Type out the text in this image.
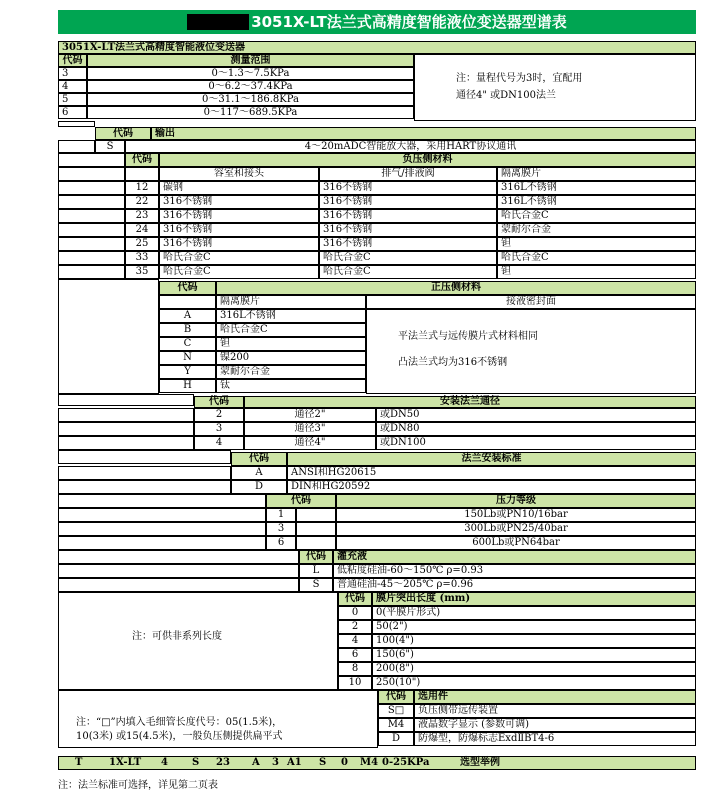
3051X-LT法兰式高精度智能液位变送器型谱表
3051X-LT法兰式高精度智能液位变送器
代码	测量范围
3	0～1.3～7.5KPa
4	0～6.2～37.4KPa
5	0～31.1～186.8KPa
6	0～117～689.5KPa
注：量程代号为3时，宜配用
通径4" 或DN100法兰
代码	输出
S	4～20mADC智能放大器，采用HART协议通讯
代码	负压侧材料
容室和接头	排气/排液阀	隔离膜片
12	碳钢	316不锈钢	316L不锈钢
22	316不锈钢	316不锈钢	316L不锈钢
23	316不锈钢	316不锈钢	哈氏合金C
24	316不锈钢	316不锈钢	蒙耐尔合金
25	316不锈钢	316不锈钢	钽
33	哈氏合金C	哈氏合金C	哈氏合金C
35	哈氏合金C	哈氏合金C	钽
代码	正压侧材料
隔离膜片	接液密封面
A	316L不锈钢
B	哈氏合金C
C	钽
N	镍200
Y	蒙耐尔合金
H	钛
平法兰式与远传膜片式材料相同
凸法兰式均为316不锈钢
代码	安装法兰通径
2	通径2"	或DN50
3	通径3"	或DN80
4	通径4"	或DN100
代码	法兰安装标准
A	ANSI和HG20615
D	DIN和HG20592
代码	压力等级
1	150Lb或PN10/16bar
3	300Lb或PN25/40bar
6	600Lb或PN64bar
代码	灌充液
L	低粘度硅油-60～150℃ ρ=0.93
S	普通硅油-45～205℃ ρ=0.96
注：可供非系列长度
代码	膜片突出长度 (mm)
0	0(平膜片形式)
2	50(2")
4	100(4")
6	150(6")
8	200(8")
10	250(10")
注：“□”内填入毛细管长度代号：05(1.5米)，
10(3米) 或15(4.5米)，一般负压侧提供扁平式
代码	选用件
S□	负压侧带远传装置
M4	液晶数字显示 (参数可调)
D	防爆型，防爆标志ExdⅡBT4-6
T	1X-LT 4 S 23 A 3 A1 S 0 M4 0-25KPa	选型举例
注：法兰标准可选择，详见第二页表
